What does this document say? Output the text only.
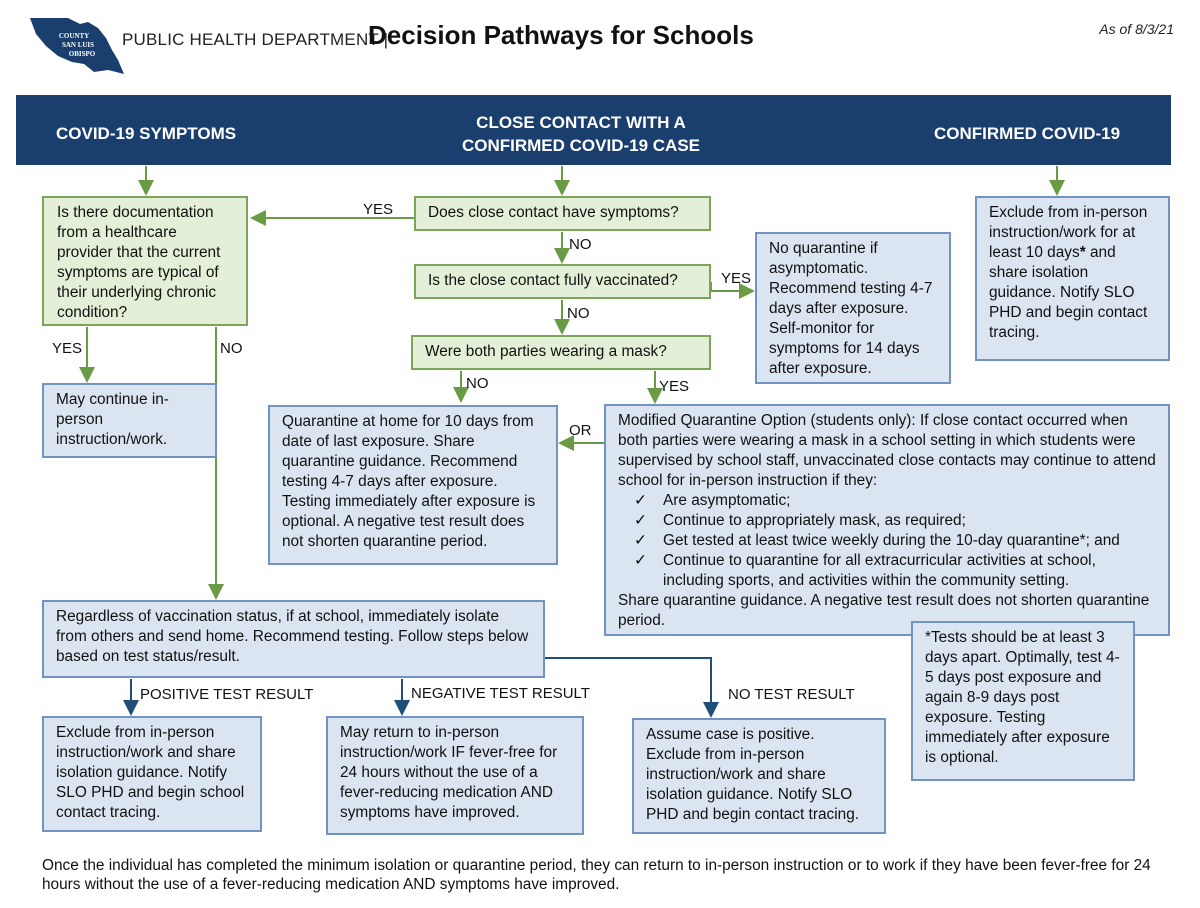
COUNTY
SAN LUIS
OBISPO
PUBLIC HEALTH DEPARTMENT |
Decision Pathways for Schools	As of 8/3/21
COVID-19 SYMPTOMS
CLOSE CONTACT WITH A CONFIRMED COVID-19 CASE
CONFIRMED COVID-19
Is there documentation from a healthcare provider that the current symptoms are typical of their underlying chronic condition?
Does close contact have symptoms?
Is the close contact fully vaccinated?
Were both parties wearing a mask?
No quarantine if asymptomatic. Recommend testing 4-7 days after exposure. Self-monitor for symptoms for 14 days after exposure.
Exclude from in-person instruction/work for at least 10 days* and share isolation guidance. Notify SLO PHD and begin contact tracing.
May continue in-person instruction/work.
Quarantine at home for 10 days from date of last exposure. Share quarantine guidance. Recommend testing 4-7 days after exposure. Testing immediately after exposure is optional. A negative test result does not shorten quarantine period.
Modified Quarantine Option (students only): If close contact occurred when both parties were wearing a mask in a school setting in which students were supervised by school staff, unvaccinated close contacts may continue to attend school for in-person instruction if they:
✓ Are asymptomatic;
✓ Continue to appropriately mask, as required;
✓ Get tested at least twice weekly during the 10-day quarantine*; and
✓ Continue to quarantine for all extracurricular activities at school, including sports, and activities within the community setting.
Share quarantine guidance. A negative test result does not shorten quarantine period.
*Tests should be at least 3 days apart. Optimally, test 4-5 days post exposure and again 8-9 days post exposure. Testing immediately after exposure is optional.
Regardless of vaccination status, if at school, immediately isolate from others and send home. Recommend testing. Follow steps below based on test status/result.
Exclude from in-person instruction/work and share isolation guidance. Notify SLO PHD and begin school contact tracing.
May return to in-person instruction/work IF fever-free for 24 hours without the use of a fever-reducing medication AND symptoms have improved.
Assume case is positive. Exclude from in-person instruction/work and share isolation guidance. Notify SLO PHD and begin contact tracing.
YES
NO
YES
NO
NO	YES
OR
YES	NO
POSITIVE TEST RESULT	NEGATIVE TEST RESULT	NO TEST RESULT
Once the individual has completed the minimum isolation or quarantine period, they can return to in-person instruction or to work if they have been fever-free for 24 hours without the use of a fever-reducing medication AND symptoms have improved.
